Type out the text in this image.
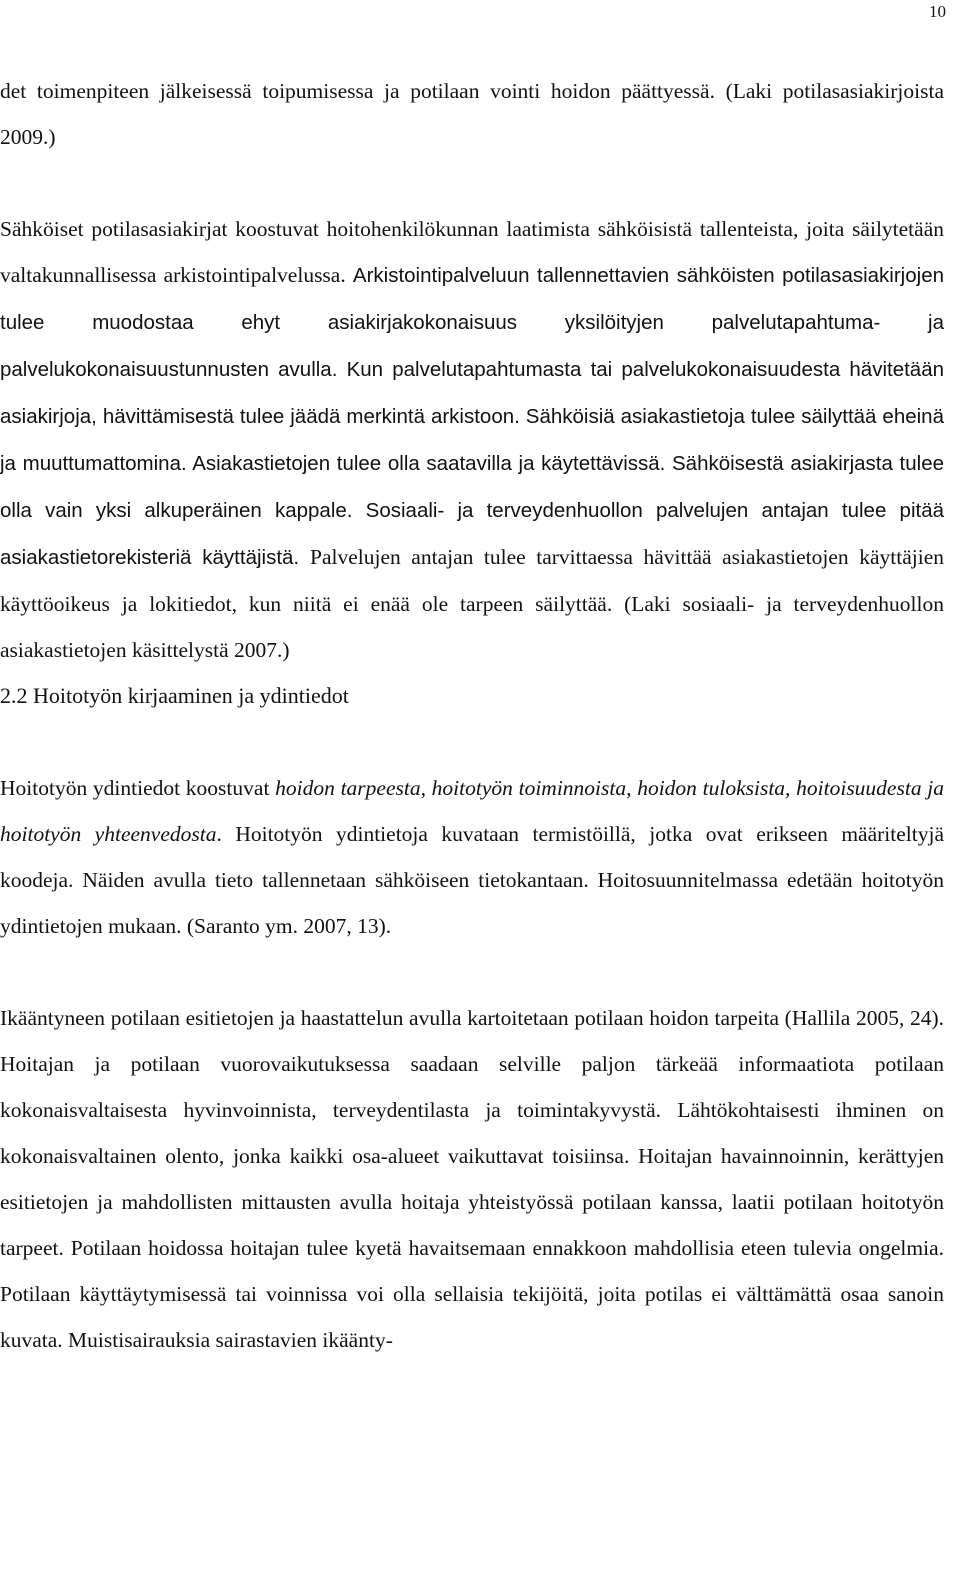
10

det toimenpiteen jälkeisessä toipumisessa ja potilaan vointi hoidon päättyessä. (Laki potilasasiakirjoista 2009.)

Sähköiset potilasasiakirjat koostuvat hoitohenkilökunnan laatimista sähköisistä tallenteista, joita säilytetään valtakunnallisessa arkistointipalvelussa. Arkistointipalveluun tallennettavien sähköisten potilasasiakirjojen tulee muodostaa ehyt asiakirjakokonaisuus yksilöityjen palvelutapahtuma- ja palvelukokonaisuustunnusten avulla. Kun palvelutapahtumasta tai palvelukokonaisuudesta hävitetään asiakirjoja, hävittämisestä tulee jäädä merkintä arkistoon. Sähköisiä asiakastietoja tulee säilyttää eheinä ja muuttumattomina. Asiakastietojen tulee olla saatavilla ja käytettävissä. Sähköisestä asiakirjasta tulee olla vain yksi alkuperäinen kappale. Sosiaali- ja terveydenhuollon palvelujen antajan tulee pitää asiakastietorekisteriä käyttäjistä. Palvelujen antajan tulee tarvittaessa hävittää asiakastietojen käyttäjien käyttöoikeus ja lokitiedot, kun niitä ei enää ole tarpeen säilyttää. (Laki sosiaali- ja terveydenhuollon asiakastietojen käsittelystä 2007.)

2.2 Hoitotyön kirjaaminen ja ydintiedot

Hoitotyön ydintiedot koostuvat hoidon tarpeesta, hoitotyön toiminnoista, hoidon tuloksista, hoitoisuudesta ja hoitotyön yhteenvedosta. Hoitotyön ydintietoja kuvataan termistöillä, jotka ovat erikseen määriteltyjä koodeja. Näiden avulla tieto tallennetaan sähköiseen tietokantaan. Hoitosuunnitelmassa edetään hoitotyön ydintietojen mukaan. (Saranto ym. 2007, 13).

Ikääntyneen potilaan esitietojen ja haastattelun avulla kartoitetaan potilaan hoidon tarpeita (Hallila 2005, 24). Hoitajan ja potilaan vuorovaikutuksessa saadaan selville paljon tärkeää informaatiota potilaan kokonaisvaltaisesta hyvinvoinnista, terveydentilasta ja toimintakyvystä. Lähtökohtaisesti ihminen on kokonaisvaltainen olento, jonka kaikki osa-alueet vaikuttavat toisiinsa. Hoitajan havainnoinnin, kerättyjen esitietojen ja mahdollisten mittausten avulla hoitaja yhteistyössä potilaan kanssa, laatii potilaan hoitotyön tarpeet. Potilaan hoidossa hoitajan tulee kyetä havaitsemaan ennakkoon mahdollisia eteen tulevia ongelmia. Potilaan käyttäytymisessä tai voinnissa voi olla sellaisia tekijöitä, joita potilas ei välttämättä osaa sanoin kuvata. Muistisairauksia sairastavien ikäänty-
